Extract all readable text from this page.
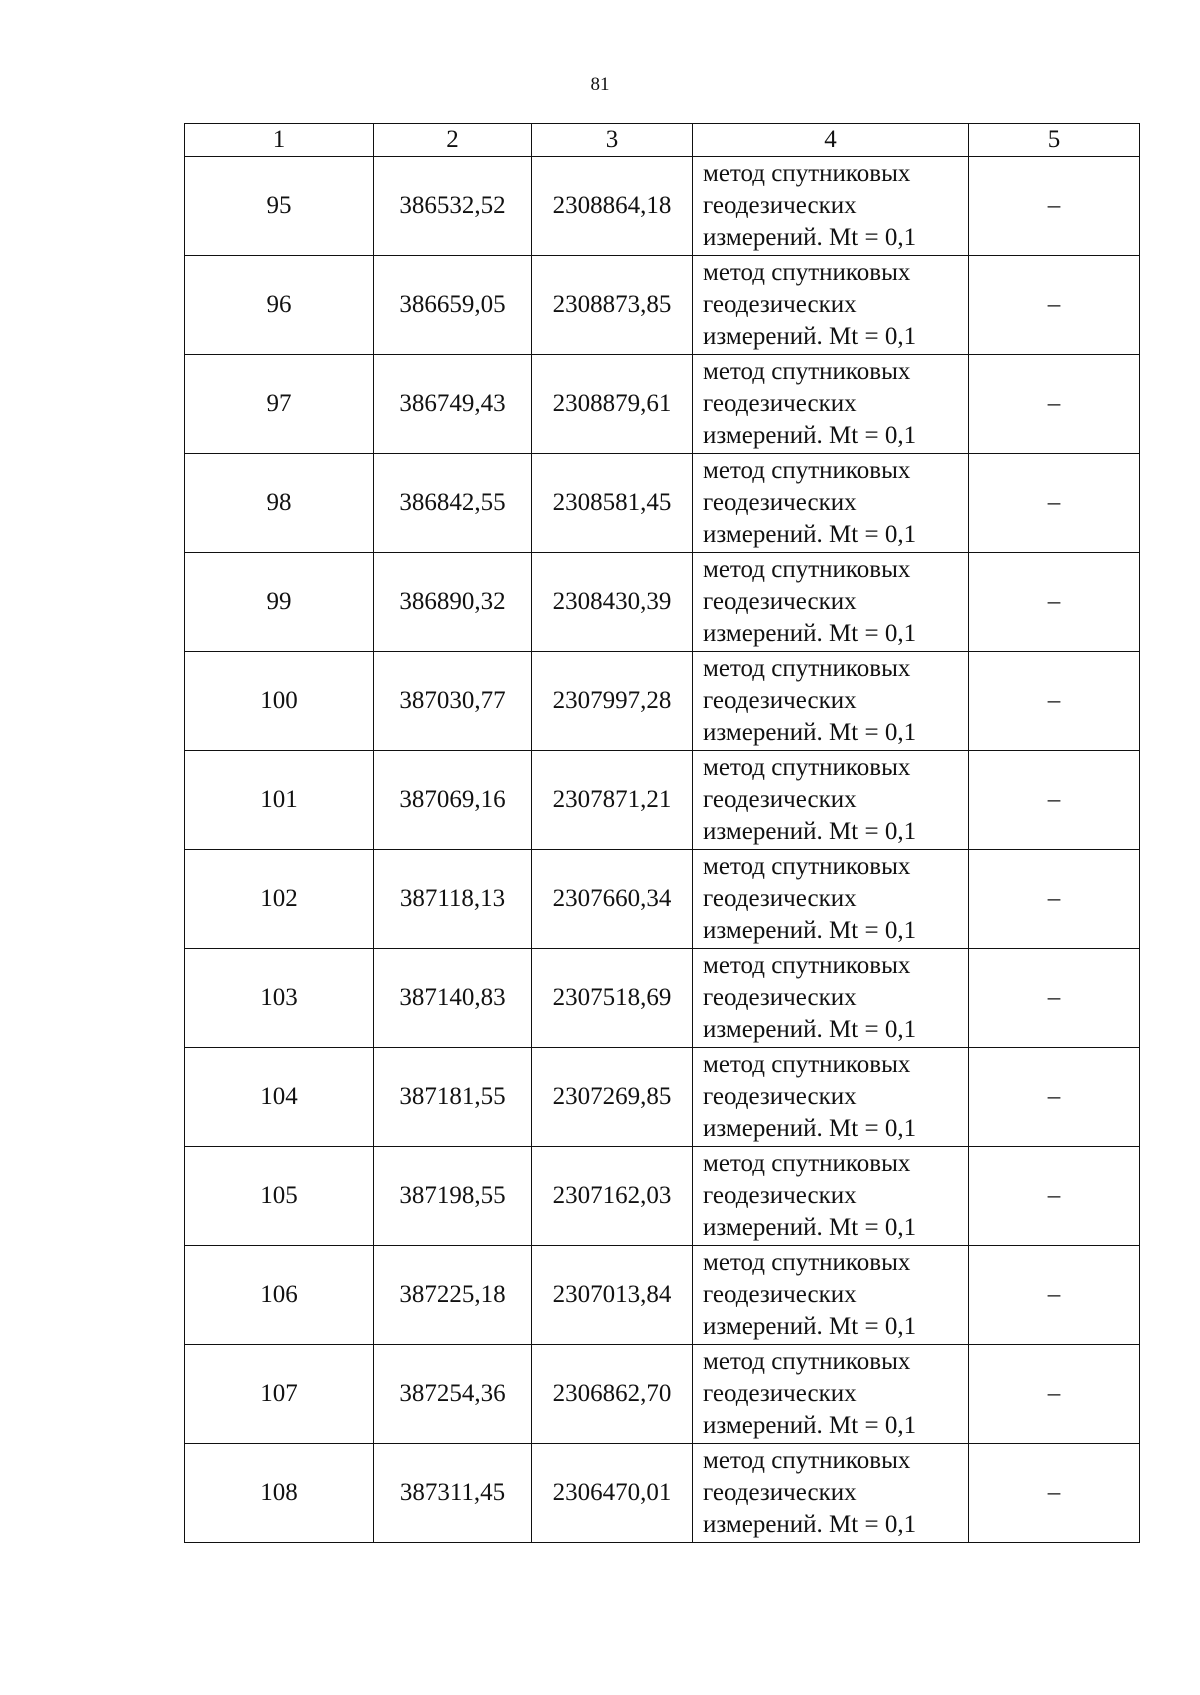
81
1	2	3	4	5
95	386532,52	2308864,18	метод спутниковых
геодезических
измерений. Mt = 0,1	–
96	386659,05	2308873,85	метод спутниковых
геодезических
измерений. Mt = 0,1	–
97	386749,43	2308879,61	метод спутниковых
геодезических
измерений. Mt = 0,1	–
98	386842,55	2308581,45	метод спутниковых
геодезических
измерений. Mt = 0,1	–
99	386890,32	2308430,39	метод спутниковых
геодезических
измерений. Mt = 0,1	–
100	387030,77	2307997,28	метод спутниковых
геодезических
измерений. Mt = 0,1	–
101	387069,16	2307871,21	метод спутниковых
геодезических
измерений. Mt = 0,1	–
102	387118,13	2307660,34	метод спутниковых
геодезических
измерений. Mt = 0,1	–
103	387140,83	2307518,69	метод спутниковых
геодезических
измерений. Mt = 0,1	–
104	387181,55	2307269,85	метод спутниковых
геодезических
измерений. Mt = 0,1	–
105	387198,55	2307162,03	метод спутниковых
геодезических
измерений. Mt = 0,1	–
106	387225,18	2307013,84	метод спутниковых
геодезических
измерений. Mt = 0,1	–
107	387254,36	2306862,70	метод спутниковых
геодезических
измерений. Mt = 0,1	–
108	387311,45	2306470,01	метод спутниковых
геодезических
измерений. Mt = 0,1	–
